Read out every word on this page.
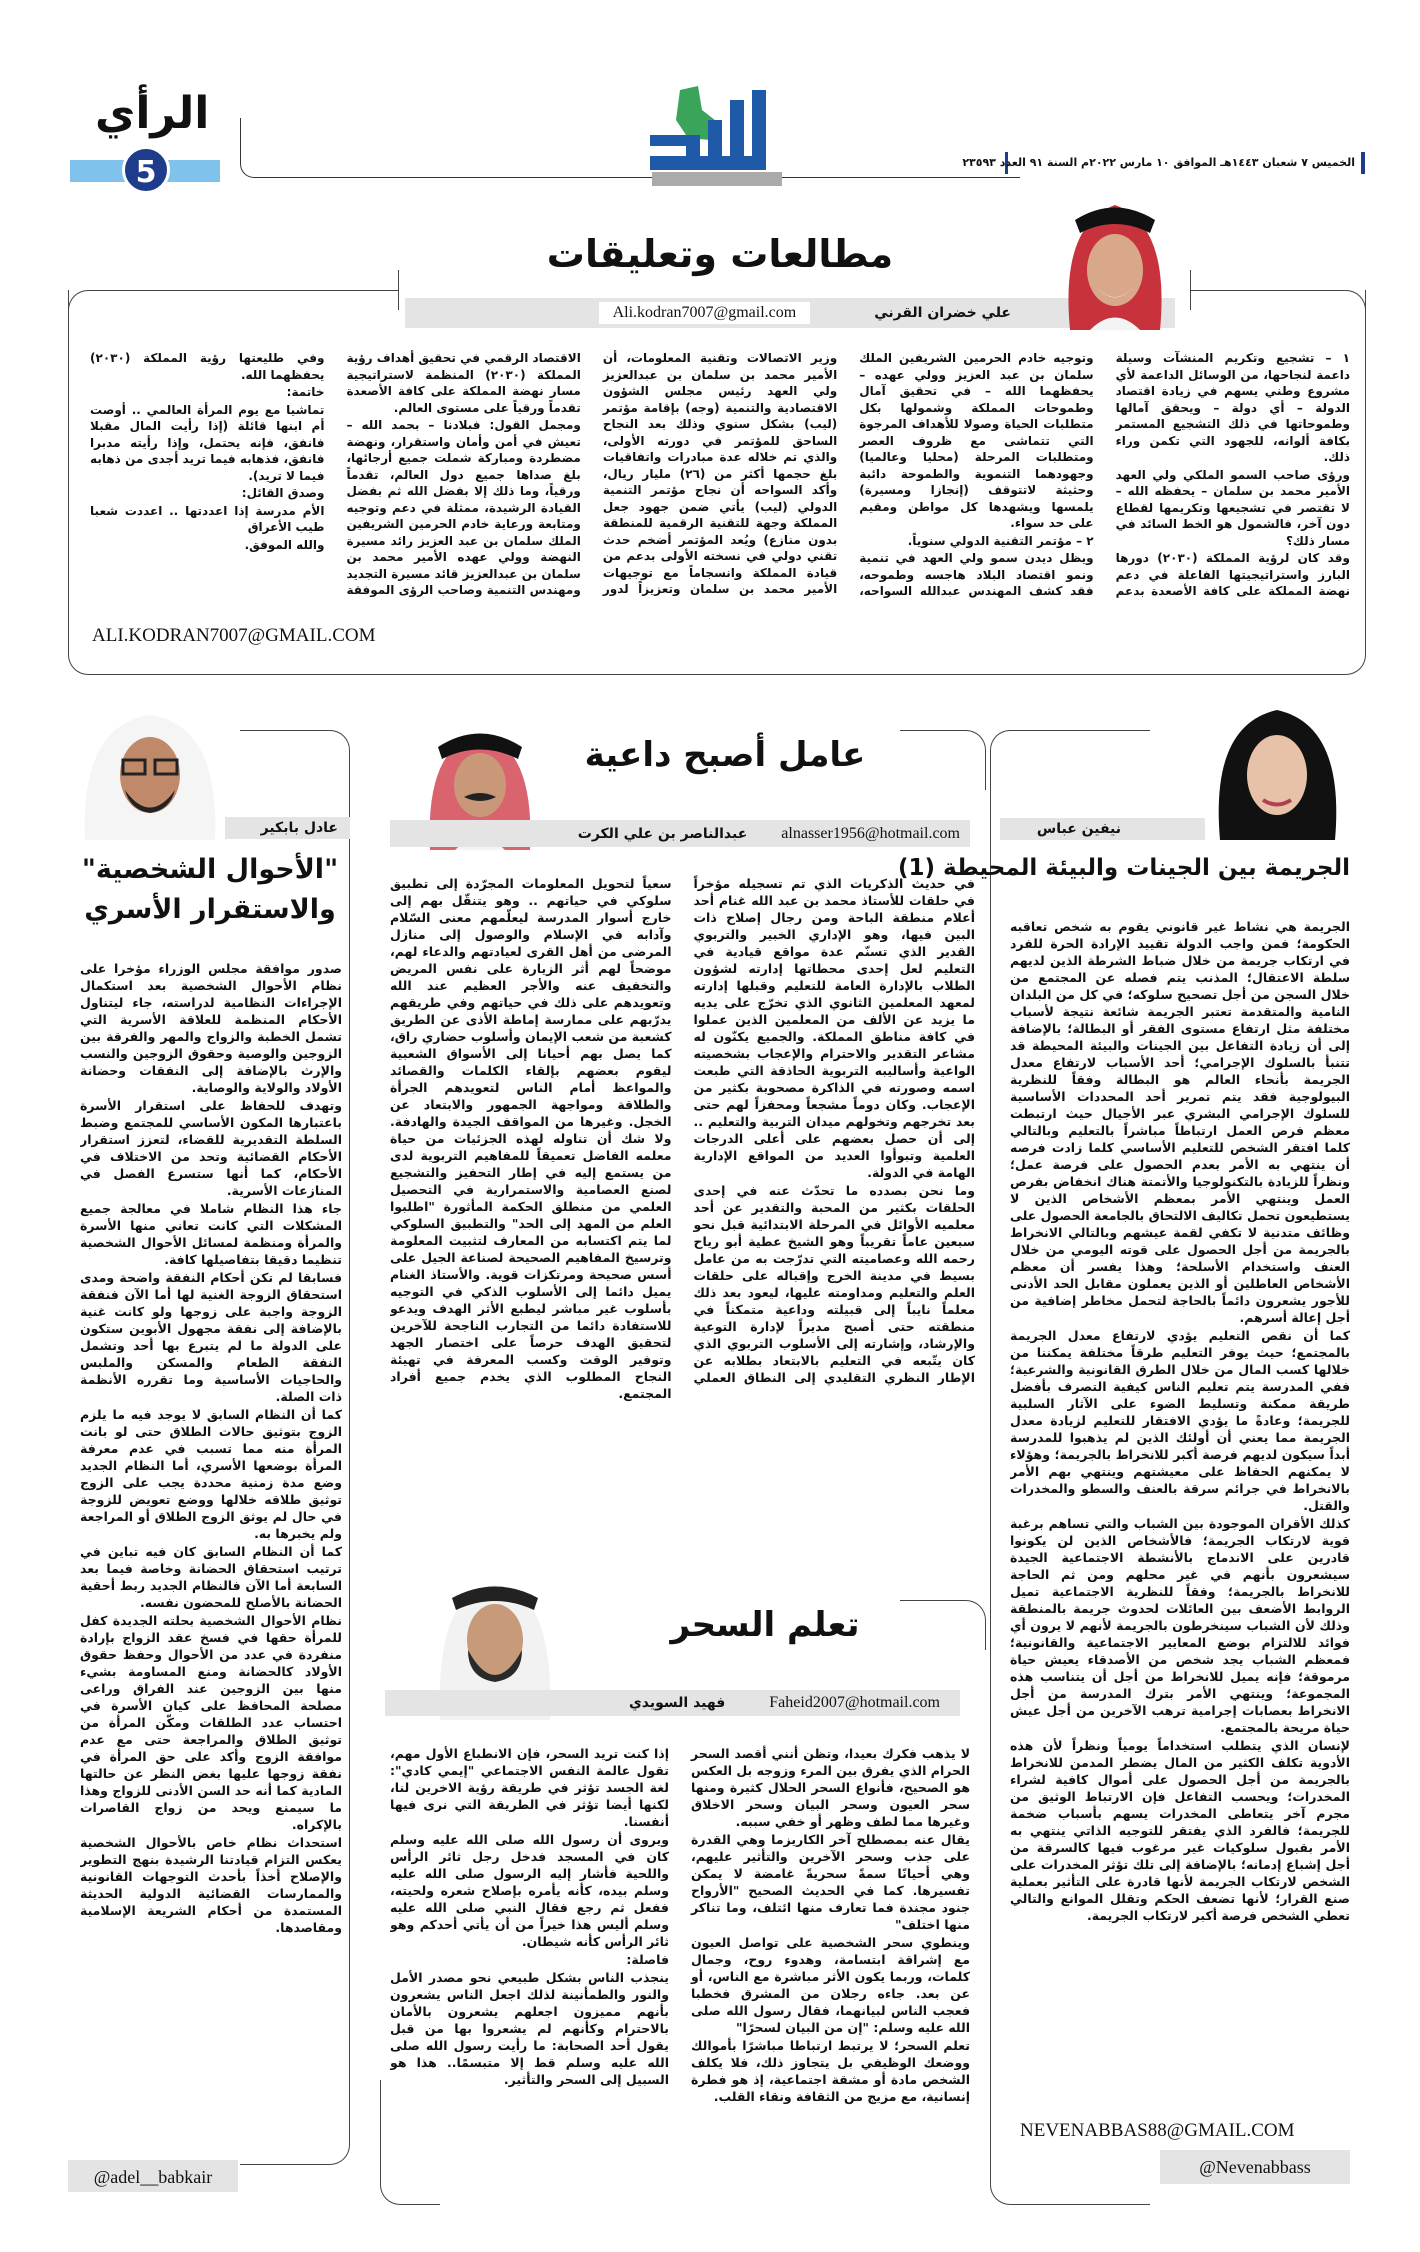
الرأي
5	الخميس ٧ شعبان ١٤٤٣هـ الموافق ١٠ مارس ٢٠٢٢م السنة ٩١ العدد ٢٣٥٩٣
مطالعات وتعليقات
علي خضران القرني
Ali.kodran7007@gmail.com

١ – تشجيع وتكريم المنشآت وسيلة داعمة لنجاحها، من الوسائل الداعمة لأي مشروع وطني يسهم في زيادة اقتصاد الدولة – أي دولة – ويحقق آمالها وطموحاتها في ذلك التشجيع المستمر بكافة ألوانه، للجهود التي تكمن وراء ذلك.

ورؤى صاحب السمو الملكي ولي العهد الأمير محمد بن سلمان – يحفظه الله – لا تقتصر في تشجيعها وتكريمها لقطاع دون آخر، فالشمول هو الخط السائد في مسار ذلك؟

وقد كان لرؤية المملكة (٢٠٣٠) دورها البارز واستراتيجيتها الفاعلة في دعم نهضة المملكة على كافة الأصعدة بدعم وتوجيه خادم الحرمين الشريفين الملك سلمان بن عبد العزيز وولي عهده – يحفظهما الله – في تحقيق آمال وطموحات المملكة وشمولها بكل متطلبات الحياة وصولا للأهداف المرجوة التي تتماشى مع ظروف العصر ومتطلبات المرحلة (محليا وعالميا) وجهودهما التنموية والطموحة دائبة وحثيثة لاتتوقف (إنجازا ومسيرة) يلمسها ويشهدها كل مواطن ومقيم على حد سواء.

٢ – مؤتمر التقنية الدولي سنوياً.

ويظل ديدن سمو ولي العهد في تنمية ونمو اقتصاد البلاد هاجسه وطموحه، فقد كشف المهندس عبدالله السواحه، وزير الاتصالات وتقنية المعلومات، أن الأمير محمد بن سلمان بن عبدالعزيز ولي العهد رئيس مجلس الشؤون الاقتصادية والتنمية (وجه) بإقامة مؤتمر (ليب) بشكل سنوي وذلك بعد النجاح الساحق للمؤتمر في دورته الأولى، والذي تم خلاله عدة مبادرات واتفاقيات بلغ حجمها أكثر من (٢٦) مليار ريال، وأكد السواحه أن نجاح مؤتمر التنمية الدولي (ليب) يأتي ضمن جهود جعل المملكة وجهة للتقنية الرقمية للمنطقة بدون منازع) ويُعد المؤتمر أضخم حدث تقني دولي في نسخته الأولى بدعم من قيادة المملكة وانسجاماً مع توجيهات الأمير محمد بن سلمان وتعزيزاً لدور الاقتصاد الرقمي في تحقيق أهداف رؤية المملكة (٢٠٣٠) المنظمة لاستراتيجية مسار نهضة المملكة على كافة الأصعدة تقدماً ورقياً على مستوى العالم.

ومجمل القول: فبلادنا – بحمد الله – تعيش في أمن وأمان واستقرار، ونهضة مضطردة ومباركة شملت جميع أرجائها، بلغ صداها جميع دول العالم، تقدماً ورقياً، وما ذلك إلا بفضل الله ثم بفضل القيادة الرشيدة، ممثلة في دعم وتوجيه ومتابعة ورعاية خادم الحرمين الشريفين الملك سلمان بن عبد العزيز رائد مسيرة النهضة وولي عهده الأمير محمد بن سلمان بن عبدالعزيز قائد مسيرة التجديد ومهندس التنمية وصاحب الرؤى الموفقة وفي طليعتها رؤية المملكة (٢٠٣٠) يحفظهما الله.

خاتمة:

تماشيا مع يوم المرأة العالمي .. أوصت أم ابنها قائلة (إذا رأيت المال مقبلا فانفق، فإنه يحتمل، وإذا رأيته مدبرا فانفق، فذهابه فيما تريد أجدى من ذهابه فيما لا تريد).

وصدق القائل:

الأم مدرسة إذا اعددتها .. اعددت شعبا طيب الأعراق

والله الموفق.

ALI.KODRAN7007@GMAIL.COM
نيفين عباس
الجريمة بين الجينات والبيئة المحيطة (1)

الجريمة هي نشاط غير قانوني يقوم به شخص تعاقبه الحكومة؛ فمن واجب الدولة تقييد الإرادة الحرة للفرد في ارتكاب جريمة من خلال ضباط الشرطة الذين لديهم سلطة الاعتقال؛ المذنب يتم فصله عن المجتمع من خلال السجن من أجل تصحيح سلوكه؛ في كل من البلدان النامية والمتقدمة تعتبر الجريمة شائعة نتيجة لأسباب مختلفة مثل ارتفاع مستوى الفقر أو البطالة؛ بالإضافة إلى أن زيادة التفاعل بين الجينات والبيئة المحيطة قد تتنبأ بالسلوك الإجرامي؛ أحد الأسباب لارتفاع معدل الجريمة بأنحاء العالم هو البطالة وفقاً للنظرية البيولوجية فقد يتم تمرير أحد المحددات الأساسية للسلوك الإجرامي البشري عبر الأجيال حيث ارتبطت معظم فرص العمل ارتباطاً مباشراً بالتعليم وبالتالي كلما افتقر الشخص للتعليم الأساسي كلما زادت فرصه أن ينتهي به الأمر بعدم الحصول على فرصة عمل؛ ونظراً للزيادة بالتكنولوجيا والأتمتة هناك انخفاض بفرص العمل وينتهي الأمر بمعظم الأشخاص الذين لا يستطيعون تحمل تكاليف الالتحاق بالجامعة الحصول على وظائف متدنية لا تكفي لقمة عيشهم وبالتالي الانخراط بالجريمة من أجل الحصول على قوته اليومي من خلال العنف واستخدام الأسلحة؛ وهذا يفسر أن معظم الأشخاص العاطلين أو الذين يعملون مقابل الحد الأدنى للأجور يشعرون دائماً بالحاجة لتحمل مخاطر إضافية من أجل إعالة أسرهم.

كما أن نقص التعليم يؤدي لارتفاع معدل الجريمة بالمجتمع؛ حيث يوفر التعليم طرقاً مختلفة يمكننا من خلالها كسب المال من خلال الطرق القانونية والشرعية؛ ففي المدرسة يتم تعليم الناس كيفية التصرف بأفضل طريقة ممكنة وتسليط الضوء على الآثار السلبية للجريمة؛ وعادةً ما يؤدي الافتقار للتعليم لزيادة معدل الجريمة مما يعني أن أولئك الذين لم يذهبوا للمدرسة أبداً سيكون لديهم فرصة أكبر للانخراط بالجريمة؛ وهؤلاء لا يمكنهم الحفاظ على معيشتهم وينتهي بهم الأمر بالانخراط في جرائم سرقة بالعنف والسطو والمخدرات والقتل.

كذلك الأقران الموجودة بين الشباب والتي تساهم برغبة قوية لارتكاب الجريمة؛ فالأشخاص الذين لن يكونوا قادرين على الاندماج بالأنشطة الاجتماعية الجيدة سيشعرون بأنهم في غير محلهم ومن ثم الحاجة للانخراط بالجريمة؛ وفقاً للنظرية الاجتماعية تميل الروابط الأضعف بين العائلات لحدوث جريمة بالمنطقة وذلك لأن الشباب سينخرطون بالجريمة لأنهم لا يرون أي فوائد للالتزام بوضع المعايير الاجتماعية والقانونية؛ فمعظم الشباب يجد شخص من الأصدقاء يعيش حياة مرموقة؛ فإنه يميل للانخراط من أجل أن يتناسب هذه المجموعة؛ وينتهي الأمر بترك المدرسة من أجل الانخراط بعصابات إجرامية ترهب الآخرين من أجل عيش حياة مريحة بالمجتمع.

لإنسان الذي يتطلب استخداماً يومياً ونظراً لأن هذه الأدوية تكلف الكثير من المال يضطر المدمن للانخراط بالجريمة من أجل الحصول على أموال كافية لشراء المخدرات؛ ويحسب التفاعل فإن الارتباط الوثيق من مجرم آخر يتعاطى المخدرات يسهم بأسباب ضخمة للجريمة؛ فالفرد الذي يفتقر للتوجيه الذاتي ينتهي به الأمر بقبول سلوكيات غير مرغوب فيها كالسرقة من أجل إشباع إدمانه؛ بالإضافة إلى تلك تؤثر المخدرات على الشخص لارتكاب الجريمة لأنها قادرة على التأثير بعملية صنع القرار؛ لأنها تضعف الحكم وتقلل الموانع والتالي تعطي الشخص فرصة أكبر لارتكاب الجريمة.

NEVENABBAS88@GMAIL.COM
@Nevenabbass
عامل أصبح داعية
عبدالناصر بن علي الكرت	alnasser1956@hotmail.com

في حديث الذكريات الذي تم تسجيله مؤخراً في حلقات للأستاذ محمد بن عبد الله غنام أحد أعلام منطقة الباحة ومن رجال إصلاح ذات البين فيها، وهو الإداري الخبير والتربوي القدير الذي تسنّم عدة مواقع قيادية في التعليم لعل إحدى محطاتها إدارته لشؤون الطلاب بالإدارة العامة للتعليم وقبلها إدارته لمعهد المعلمين الثانوي الذي تخرّج على يديه ما يزيد عن الألف من المعلمين الذين عملوا في كافة مناطق المملكة. والجميع يكنّون له مشاعر التقدير والاحترام والإعجاب بشخصيته الواعية وأساليبه التربوية الحاذقة التي طبعت اسمه وصورته في الذاكرة مصحوبة بكثير من الإعجاب. وكان دوماً مشجعاً ومحفزاً لهم حتى بعد تخرجهم وتخولهم ميدان التربية والتعليم .. إلى أن حصل بعضهم على أعلى الدرجات العلمية وتبوأوا العديد من المواقع الإدارية الهامة في الدولة.

وما نحن بصدده ما تحدّث عنه في إحدى الحلقات بكثير من المحبة والتقدير عن أحد معلميه الأوائل في المرحلة الابتدائية قبل نحو سبعين عاماً تقريباً وهو الشيخ عطية أبو رياح رحمه الله وعصاميته التي تدرّجت به من عامل بسيط في مدينة الخرج وإقباله على حلقات العلم والتعليم ومداومته عليها، ليعود بعد ذلك معلماً نايباً إلى قبيلته وداعية متمكناً في منطقته حتى أصبح مديراً لإدارة التوعية والإرشاد، وإشارته إلى الأسلوب التربوي الذي كان يتّبعه في التعليم بالابتعاد بطلابه عن الإطار النظري التقليدي إلى النطاق العملي سعياً لتحويل المعلومات المجرّدة إلى تطبيق سلوكي في حياتهم .. وهو يتنقّل بهم إلى خارج أسوار المدرسة ليعلّمهم معنى السّلام وآدابه في الإسلام والوصول إلى منازل المرضى من أهل القرى لعيادتهم والدعاء لهم، موضحاً لهم أثر الزيارة على نفس المريض والتخفيف عنه والأجر العظيم عند الله وتعويدهم على ذلك في حياتهم وفي طريقهم يدرّبهم على ممارسة إماطة الأذى عن الطريق كشعبة من شعب الإيمان وأسلوب حضاري راق، كما يصل بهم أحيانا إلى الأسواق الشعبية ليقوم بعضهم بإلقاء الكلمات والقصائد والمواعظ أمام الناس لتعويدهم الجرأة والطلاقة ومواجهة الجمهور والابتعاد عن الخجل. وغيرها من المواقف الجيدة والهادفة. ولا شك أن تناوله لهذه الجزئيات من حياة معلمه الفاضل تعميقاً للمفاهيم التربوية لدى من يستمع إليه في إطار التحفيز والتشجيع لصنع العصامية والاستمرارية في التحصيل العلمي من منطلق الحكمة المأثورة "اطلبوا العلم من المهد إلى الحد" والتطبيق السلوكي لما يتم اكتسابه من المعارف لتثبيت المعلومة وترسيخ المفاهيم الصحيحة لصناعة الجيل على أسس صحيحة ومرتكزات قوية. والأستاذ الغنام يميل دائما إلى الأسلوب الذكي في التوجيه بأسلوب غير مباشر ليطبع الأثر الهدف ويدعو للاستفادة دائما من التجارب الناجحة للآخرين لتحقيق الهدف حرصاً على اختصار الجهد وتوفير الوقت وكسب المعرفة في تهيئة النجاح المطلوب الذي يخدم جميع أفراد المجتمع.

تعلم السحر
فهيد السويدي	Faheid2007@hotmail.com

لا يذهب فكرك بعيدا، وتظن أنني أقصد السحر الحرام الذي يفرق بين المرء وزوجه بل العكس هو الصحيح، فأنواع السحر الحلال كثيرة ومنها سحر العيون وسحر البيان وسحر الاخلاق وغيرها مما لطف وظهر أو خفي سببه.

يقال عنه بمصطلح آخر الكاريزما وهي القدرة على جذب وسحر الآخرين والتأثير عليهم، وهي أحيانًا سمةً سحريةً غامضة لا يمكن تفسيرها. كما في الحديث الصحيح "الأرواح جنود مجندة فما تعارف منها ائتلف، وما تناكر منها اختلف"

وينطوي سحر الشخصية على تواصل العيون مع إشراقة ابتسامة، وهدوء روح، وجمال كلمات، وربما يكون الأثر مباشرة مع الناس، أو عن بعد. جاءه رجلان من المشرق فخطبا فعجب الناس لبيانهما، فقال رسول الله صلى الله عليه وسلم: "إن من البيان لسحرًا"

تعلم السحر؛ لا يرتبط ارتباطا مباشرًا بأموالك ووضعك الوظيفي بل يتجاوز ذلك، فلا يكلف الشخص مادة أو مشقة اجتماعية، إذ هو فطرة إنسانية، مع مزيج من الثقافة ونقاء القلب.

إذا كنت تريد السحر، فإن الانطباع الأول مهم، تقول عالمة النفس الاجتماعي "إيمي كادي": لغة الجسد تؤثر في طريقة رؤية الاخرين لنا، لكنها أيضا تؤثر في الطريقة التي نرى فيها أنفسنا.

ويروى أن رسول الله صلى الله عليه وسلم كان في المسجد فدخل رجل ثائر الرأس واللحية فأشار إليه الرسول صلى الله عليه وسلم بيده، كأنه يأمره بإصلاح شعره ولحيته، ففعل ثم رجع فقال النبي صلى الله عليه وسلم أليس هذا خيراً من أن يأتي أحدكم وهو ثائر الرأس كأنه شيطان.

فاصلة:

ينجذب الناس بشكل طبيعي نحو مصدر الأمل والنور والطمأنينة لذلك اجعل الناس يشعرون بأنهم مميزون اجعلهم يشعرون بالأمان بالاحترام وكأنهم لم يشعروا بها من قبل يقول أحد الصحابة: ما رأيت رسول الله صلى الله عليه وسلم قط إلا متبسمًا.. هذا هو السبيل إلى السحر والتأثير.

عادل بابكير
"الأحوال الشخصية" والاستقرار الأسري

صدور موافقة مجلس الوزراء مؤخرا على نظام الأحوال الشخصية بعد استكمال الإجراءات النظامية لدراسته، جاء ليتناول الأحكام المنظمة للعلاقة الأسرية التي تشمل الخطبة والزواج والمهر والفرقة بين الزوجين والوصية وحقوق الزوجين والنسب والإرث بالإضافة إلى النفقات وحضانة الأولاد والولاية والوصاية.

وتهدف للحفاظ على استقرار الأسرة باعتبارها المكون الأساسي للمجتمع وضبط السلطة التقديرية للقضاء، لتعزز استقرار الأحكام القضائية وتحد من الاختلاف في الأحكام، كما أنها ستسرع الفصل في المنازعات الأسرية.

جاء هذا النظام شاملا في معالجة جميع المشكلات التي كانت تعاني منها الأسرة والمرأة ومنظمة لمسائل الأحوال الشخصية تنظيما دقيقا بتفاصيلها كافة.

فسابقا لم تكن أحكام النفقة واضحة ومدى استحقاق الزوجة الغنية لها أما الآن فنفقة الزوجة واجبة على زوجها ولو كانت غنية بالإضافة إلى نفقة مجهول الأبوين ستكون على الدولة ما لم يتبرع بها أحد وتشمل النفقة الطعام والمسكن والملبس والحاجيات الأساسية وما تقرره الأنظمة ذات الصلة.

كما أن النظام السابق لا يوجد فيه ما يلزم الزوج بتوثيق حالات الطلاق حتى لو بانت المرأة منه مما تسبب في عدم معرفة المرأة بوضعها الأسري، أما النظام الجديد وضع مدة زمنية محددة يجب على الزوج توثيق طلاقه خلالها ووضع تعويض للزوجة في حال لم يوثق الزوج الطلاق أو المراجعة ولم يخبرها به.

كما أن النظام السابق كان فيه تباين في ترتيب استحقاق الحضانة وخاصة فيما بعد السابعة أما الآن فالنظام الجديد ربط أحقية الحضانة بالأصلح للمحضون نفسه.

نظام الأحوال الشخصية بحلته الجديدة كفل للمرأة حقها في فسخ عقد الزواج بإرادة منفردة في عدد من الأحوال وحفظ حقوق الأولاد كالحضانة ومنع المساومة بشيء منها بين الزوجين عند الفراق وراعى مصلحة المحافظ على كيان الأسرة في احتساب عدد الطلقات ومكّن المرأة من توثيق الطلاق والمراجعة حتى مع عدم موافقة الزوج وأكد على حق المرأة في نفقة زوجها عليها بغض النظر عن حالتها المادية كما أنه حد السن الأدنى للزواج وهذا ما سيمنع ويحد من زواج القاصرات بالإكراه.

استحداث نظام خاص بالأحوال الشخصية يعكس التزام قيادتنا الرشيدة بنهج التطوير والإصلاح أخذاً بأحدث التوجهات القانونية والممارسات القضائية الدولية الحديثة المستمدة من أحكام الشريعة الإسلامية ومقاصدها.

@adel__babkair
